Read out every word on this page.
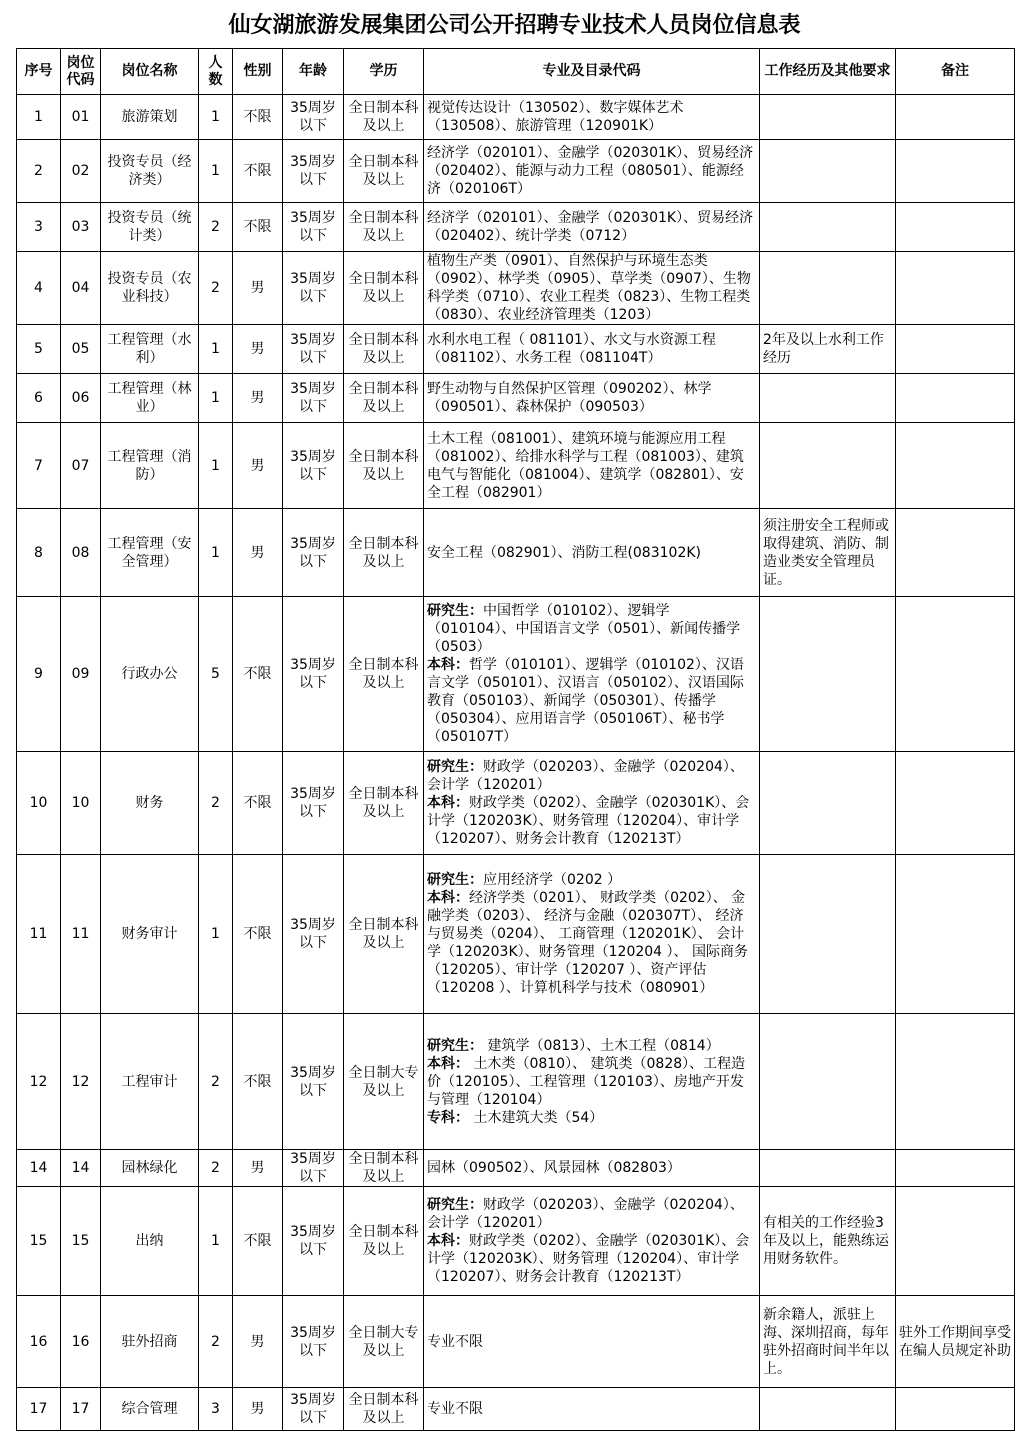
仙女湖旅游发展集团公司公开招聘专业技术人员岗位信息表
序号	岗位代码	岗位名称	人数	性别	年龄	学历	专业及目录代码	工作经历及其他要求	备注
1	01	旅游策划	1	不限	35周岁以下	全日制本科及以上	视觉传达设计（130502）、数字媒体艺术（130508）、旅游管理（120901K）		

2	02	投资专员（经济类）	1	不限	35周岁以下	全日制本科及以上	经济学（020101）、金融学（020301K）、贸易经济（020402）、能源与动力工程（080501）、能源经济（020106T）		

3	03	投资专员（统计类）	2	不限	35周岁以下	全日制本科及以上	经济学（020101）、金融学（020301K）、贸易经济（020402）、统计学类（0712）		

4	04	投资专员（农业科技）	2	男	35周岁以下	全日制本科及以上	植物生产类（0901）、自然保护与环境生态类（0902）、林学类（0905）、草学类（0907）、生物科学类（0710）、农业工程类（0823）、生物工程类（0830）、农业经济管理类（1203）		

5	05	工程管理（水利）	1	男	35周岁以下	全日制本科及以上	水利水电工程（ 081101）、水文与水资源工程（081102）、水务工程（081104T）	2年及以上水利工作经历	
6	06	工程管理（林业）	1	男	35周岁以下	全日制本科及以上	野生动物与自然保护区管理（090202）、林学（090501）、森林保护（090503）		

7	07	工程管理（消防）	1	男	35周岁以下	全日制本科及以上	土木工程（081001）、建筑环境与能源应用工程（081002）、给排水科学与工程（081003）、建筑电气与智能化（081004）、建筑学（082801）、安全工程（082901）		

8	08	工程管理（安全管理）	1	男	35周岁以下	全日制本科及以上	安全工程（082901）、消防工程(083102K)	须注册安全工程师或取得建筑、消防、制造业类安全管理员证。	
9	09	行政办公	5	不限	35周岁以下	全日制本科及以上	研究生：中国哲学（010102）、逻辑学（010104）、中国语言文学（0501）、新闻传播学（0503）
本科：哲学（010101）、逻辑学（010102）、汉语言文学（050101）、汉语言（050102）、汉语国际教育（050103）、新闻学（050301）、传播学（050304）、应用语言学（050106T）、秘书学（050107T）		

10	10	财务	2	不限	35周岁以下	全日制本科及以上	研究生：财政学（020203）、金融学（020204）、会计学（120201）
本科：财政学类（0202）、金融学（020301K）、会计学（120203K）、财务管理（120204）、审计学（120207）、财务会计教育（120213T）		

11	11	财务审计	1	不限	35周岁以下	全日制本科及以上	研究生：应用经济学（0202 ）
本科：经济学类（0201）、 财政学类（0202）、 金融学类（0203）、 经济与金融（020307T）、 经济与贸易类（0204）、 工商管理（120201K）、 会计学（120203K）、财务管理（120204 ）、 国际商务（120205）、审计学（120207 ）、资产评估（120208 ）、计算机科学与技术（080901）		

12	12	工程审计	2	不限	35周岁以下	全日制大专及以上	研究生： 建筑学（0813）、土木工程（0814）
本科： 土木类（0810）、 建筑类（0828）、工程造价（120105）、工程管理（120103）、房地产开发与管理（120104）
专科： 土木建筑大类（54）		

14	14	园林绿化	2	男	35周岁以下	全日制本科及以上	园林（090502）、风景园林（082803）		

15	15	出纳	1	不限	35周岁以下	全日制本科及以上	研究生：财政学（020203）、金融学（020204）、会计学（120201）
本科：财政学类（0202）、金融学（020301K）、会计学（120203K）、财务管理（120204）、审计学（120207）、财务会计教育（120213T）	有相关的工作经验3年及以上，能熟练运用财务软件。	
16	16	驻外招商	2	男	35周岁以下	全日制大专及以上	专业不限	新余籍人，派驻上海、深圳招商，每年驻外招商时间半年以上。	驻外工作期间享受在编人员规定补助
17	17	综合管理	3	男	35周岁以下	全日制本科及以上	专业不限		
